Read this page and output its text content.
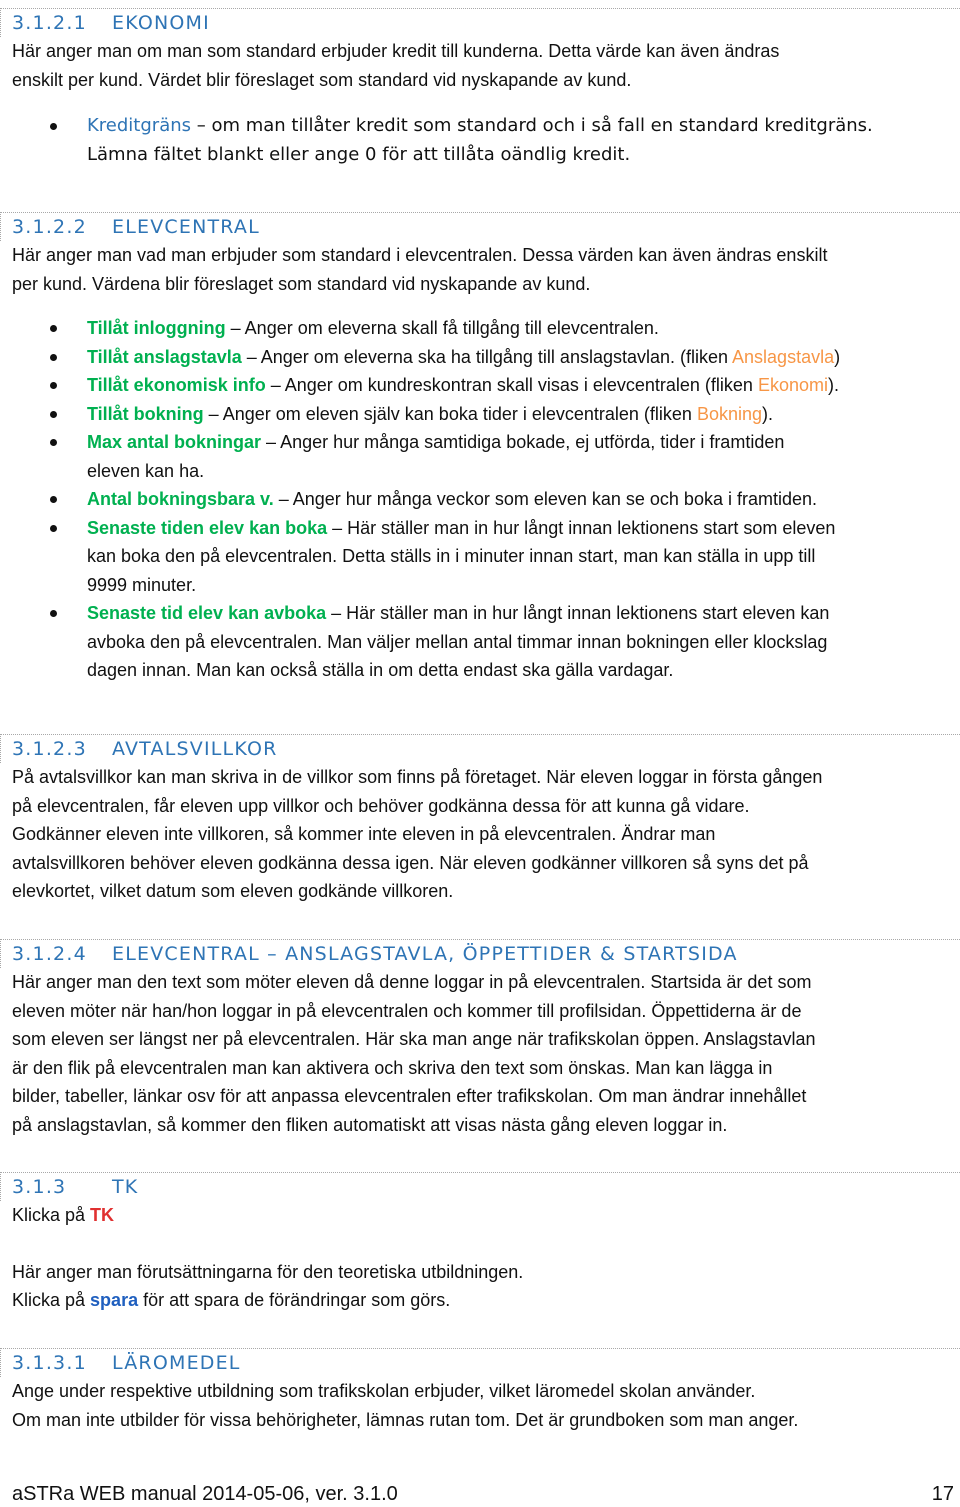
3.1.2.1 EKONOMI

Här anger man om man som standard erbjuder kredit till kunderna. Detta värde kan även ändras
enskilt per kund. Värdet blir föreslaget som standard vid nyskapande av kund.

Kreditgräns – om man tillåter kredit som standard och i så fall en standard kreditgräns.
Lämna fältet blankt eller ange 0 för att tillåta oändlig kredit.
3.1.2.2 ELEVCENTRAL

Här anger man vad man erbjuder som standard i elevcentralen. Dessa värden kan även ändras enskilt
per kund. Värdena blir föreslaget som standard vid nyskapande av kund.

Tillåt inloggning – Anger om eleverna skall få tillgång till elevcentralen.
Tillåt anslagstavla – Anger om eleverna ska ha tillgång till anslagstavlan. (fliken Anslagstavla)
Tillåt ekonomisk info – Anger om kundreskontran skall visas i elevcentralen (fliken Ekonomi).
Tillåt bokning – Anger om eleven själv kan boka tider i elevcentralen (fliken Bokning).
Max antal bokningar – Anger hur många samtidiga bokade, ej utförda, tider i framtiden
eleven kan ha.
Antal bokningsbara v. – Anger hur många veckor som eleven kan se och boka i framtiden.
Senaste tiden elev kan boka – Här ställer man in hur långt innan lektionens start som eleven
kan boka den på elevcentralen. Detta ställs in i minuter innan start, man kan ställa in upp till
9999 minuter.
Senaste tid elev kan avboka – Här ställer man in hur långt innan lektionens start eleven kan
avboka den på elevcentralen. Man väljer mellan antal timmar innan bokningen eller klockslag
dagen innan. Man kan också ställa in om detta endast ska gälla vardagar.
3.1.2.3 AVTALSVILLKOR

På avtalsvillkor kan man skriva in de villkor som finns på företaget. När eleven loggar in första gången
på elevcentralen, får eleven upp villkor och behöver godkänna dessa för att kunna gå vidare.
Godkänner eleven inte villkoren, så kommer inte eleven in på elevcentralen. Ändrar man
avtalsvillkoren behöver eleven godkänna dessa igen. När eleven godkänner villkoren så syns det på
elevkortet, vilket datum som eleven godkände villkoren.

3.1.2.4 ELEVCENTRAL – ANSLAGSTAVLA, ÖPPETTIDER & STARTSIDA

Här anger man den text som möter eleven då denne loggar in på elevcentralen. Startsida är det som
eleven möter när han/hon loggar in på elevcentralen och kommer till profilsidan. Öppettiderna är de
som eleven ser längst ner på elevcentralen. Här ska man ange när trafikskolan öppen. Anslagstavlan
är den flik på elevcentralen man kan aktivera och skriva den text som önskas. Man kan lägga in
bilder, tabeller, länkar osv för att anpassa elevcentralen efter trafikskolan. Om man ändrar innehållet
på anslagstavlan, så kommer den fliken automatiskt att visas nästa gång eleven loggar in.

3.1.3 TK

Klicka på TK

Här anger man förutsättningarna för den teoretiska utbildningen.
Klicka på spara för att spara de förändringar som görs.

3.1.3.1 LÄROMEDEL

Ange under respektive utbildning som trafikskolan erbjuder, vilket läromedel skolan använder.
Om man inte utbilder för vissa behörigheter, lämnas rutan tom. Det är grundboken som man anger.

aSTRa WEB manual 2014-05-06, ver. 3.1.0	17
